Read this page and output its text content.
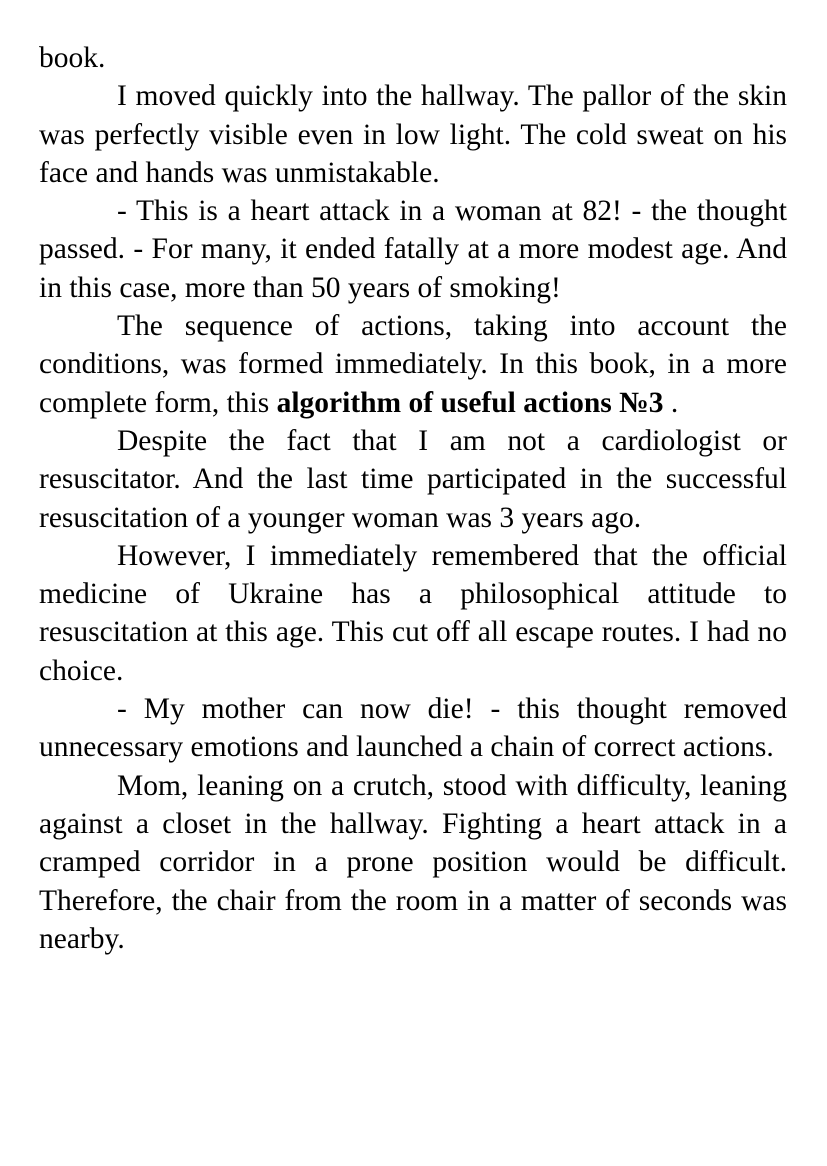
book.

I moved quickly into the hallway. The pallor of the skin was perfectly visible even in low light. The cold sweat on his face and hands was unmistakable.

- This is a heart attack in a woman at 82! - the thought passed. - For many, it ended fatally at a more modest age. And in this case, more than 50 years of smoking!

The sequence of actions, taking into account the conditions, was formed immediately. In this book, in a more complete form, this algorithm of useful actions №3 .

Despite the fact that I am not a cardiologist or resuscitator. And the last time participated in the successful resuscitation of a younger woman was 3 years ago.

However, I immediately remembered that the official medicine of Ukraine has a philosophical attitude to resuscitation at this age. This cut off all escape routes. I had no choice.

- My mother can now die! - this thought removed unnecessary emotions and launched a chain of correct actions.

Mom, leaning on a crutch, stood with difficulty, leaning against a closet in the hallway. Fighting a heart attack in a cramped corridor in a prone position would be difficult. Therefore, the chair from the room in a matter of seconds was nearby.
